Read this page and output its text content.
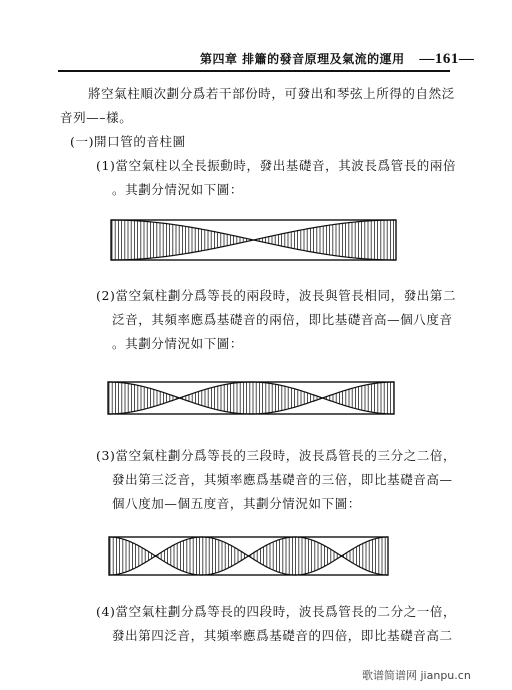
第四章 排簫的發音原理及氣流的運用 —161—
將空氣柱順次劃分爲若干部份時，可發出和琴弦上所得的自然泛
音列—–樣。
(一)開口管的音柱圖
(1)當空氣柱以全長振動時，發出基礎音，其波長爲管長的兩倍
。其劃分情況如下圖：
(2)當空氣柱劃分爲等長的兩段時，波長與管長相同，發出第二
泛音，其頻率應爲基礎音的兩倍，即比基礎音高—個八度音
。其劃分情況如下圖：
(3)當空氣柱劃分爲等長的三段時，波長爲管長的三分之二倍，
發出第三泛音，其頻率應爲基礎音的三倍，即比基礎音高—
個八度加—個五度音，其劃分情況如下圖：
(4)當空氣柱劃分爲等長的四段時，波長爲管長的二分之一倍，
發出第四泛音，其頻率應爲基礎音的四倍，即比基礎音高二
歌谱简谱网 jianpu.cn
